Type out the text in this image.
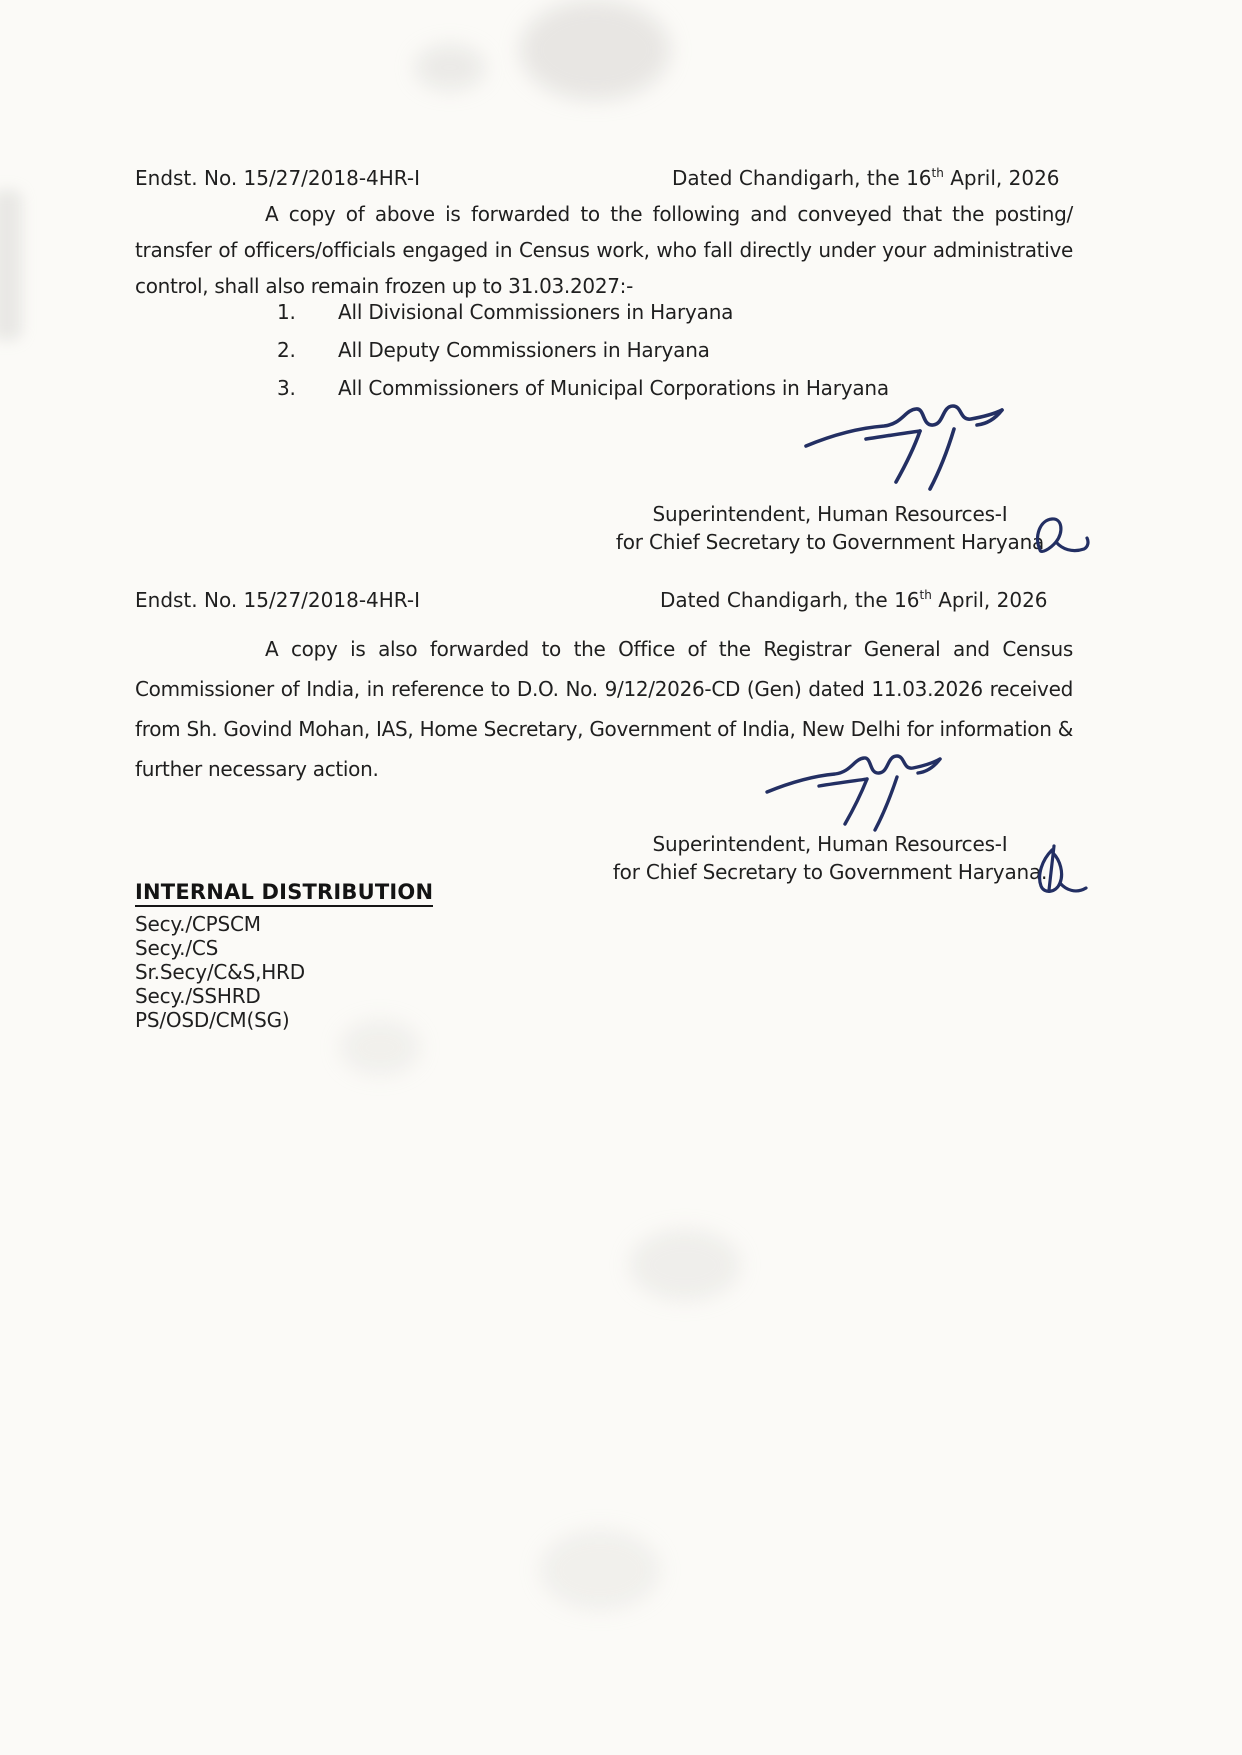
Endst. No. 15/27/2018-4HR-I	Dated Chandigarh, the 16th April, 2026

A copy of above is forwarded to the following and conveyed that the posting/ transfer of officers/officials engaged in Census work, who fall directly under your administrative control, shall also remain frozen up to 31.03.2027:-

1.	All Divisional Commissioners in Haryana
2.	All Deputy Commissioners in Haryana
3.	All Commissioners of Municipal Corporations in Haryana
Superintendent, Human Resources-I
for Chief Secretary to Government Haryana
Endst. No. 15/27/2018-4HR-I	Dated Chandigarh, the 16th April, 2026

A copy is also forwarded to the Office of the Registrar General and Census Commissioner of India, in reference to D.O. No. 9/12/2026-CD (Gen) dated 11.03.2026 received from Sh. Govind Mohan, IAS, Home Secretary, Government of India, New Delhi for information & further necessary action.

Superintendent, Human Resources-I
for Chief Secretary to Government Haryana.
INTERNAL DISTRIBUTION
Secy./CPSCM
Secy./CS
Sr.Secy/C&S,HRD
Secy./SSHRD
PS/OSD/CM(SG)
